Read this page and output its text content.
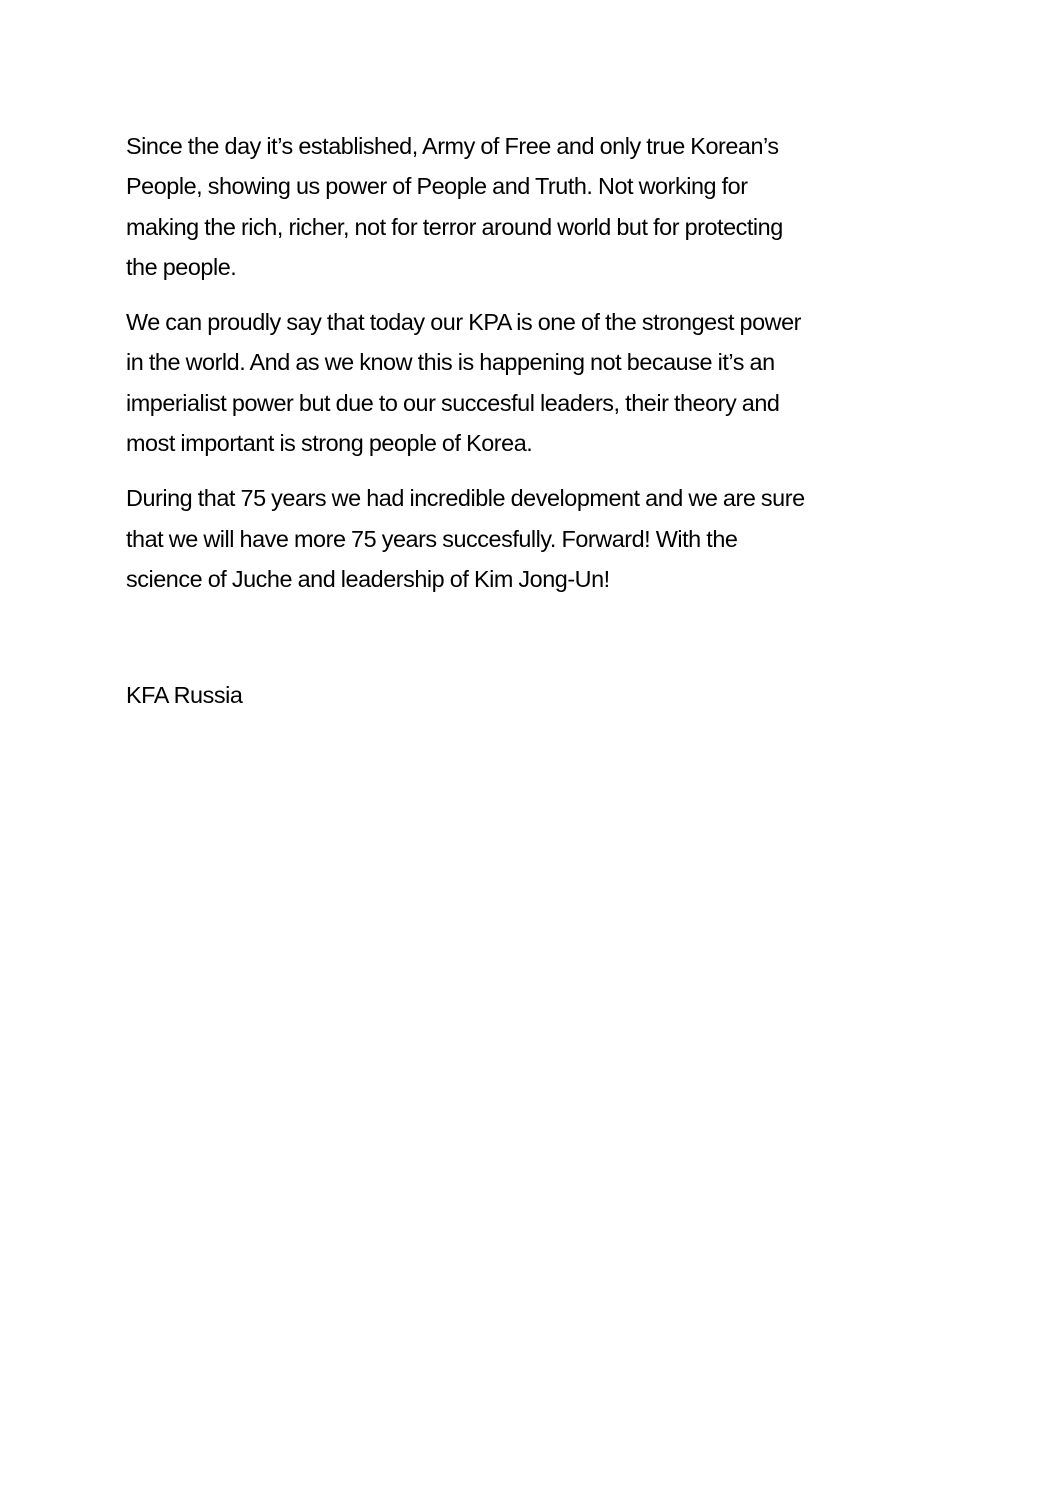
Since the day it’s established, Army of Free and only true Korean’s
People, showing us power of People and Truth. Not working for
making the rich, richer, not for terror around world but for protecting
the people.

We can proudly say that today our KPA is one of the strongest power
in the world. And as we know this is happening not because it’s an
imperialist power but due to our succesful leaders, their theory and
most important is strong people of Korea.

During that 75 years we had incredible development and we are sure
that we will have more 75 years succesfully. Forward! With the
science of Juche and leadership of Kim Jong-Un!

KFA Russia
